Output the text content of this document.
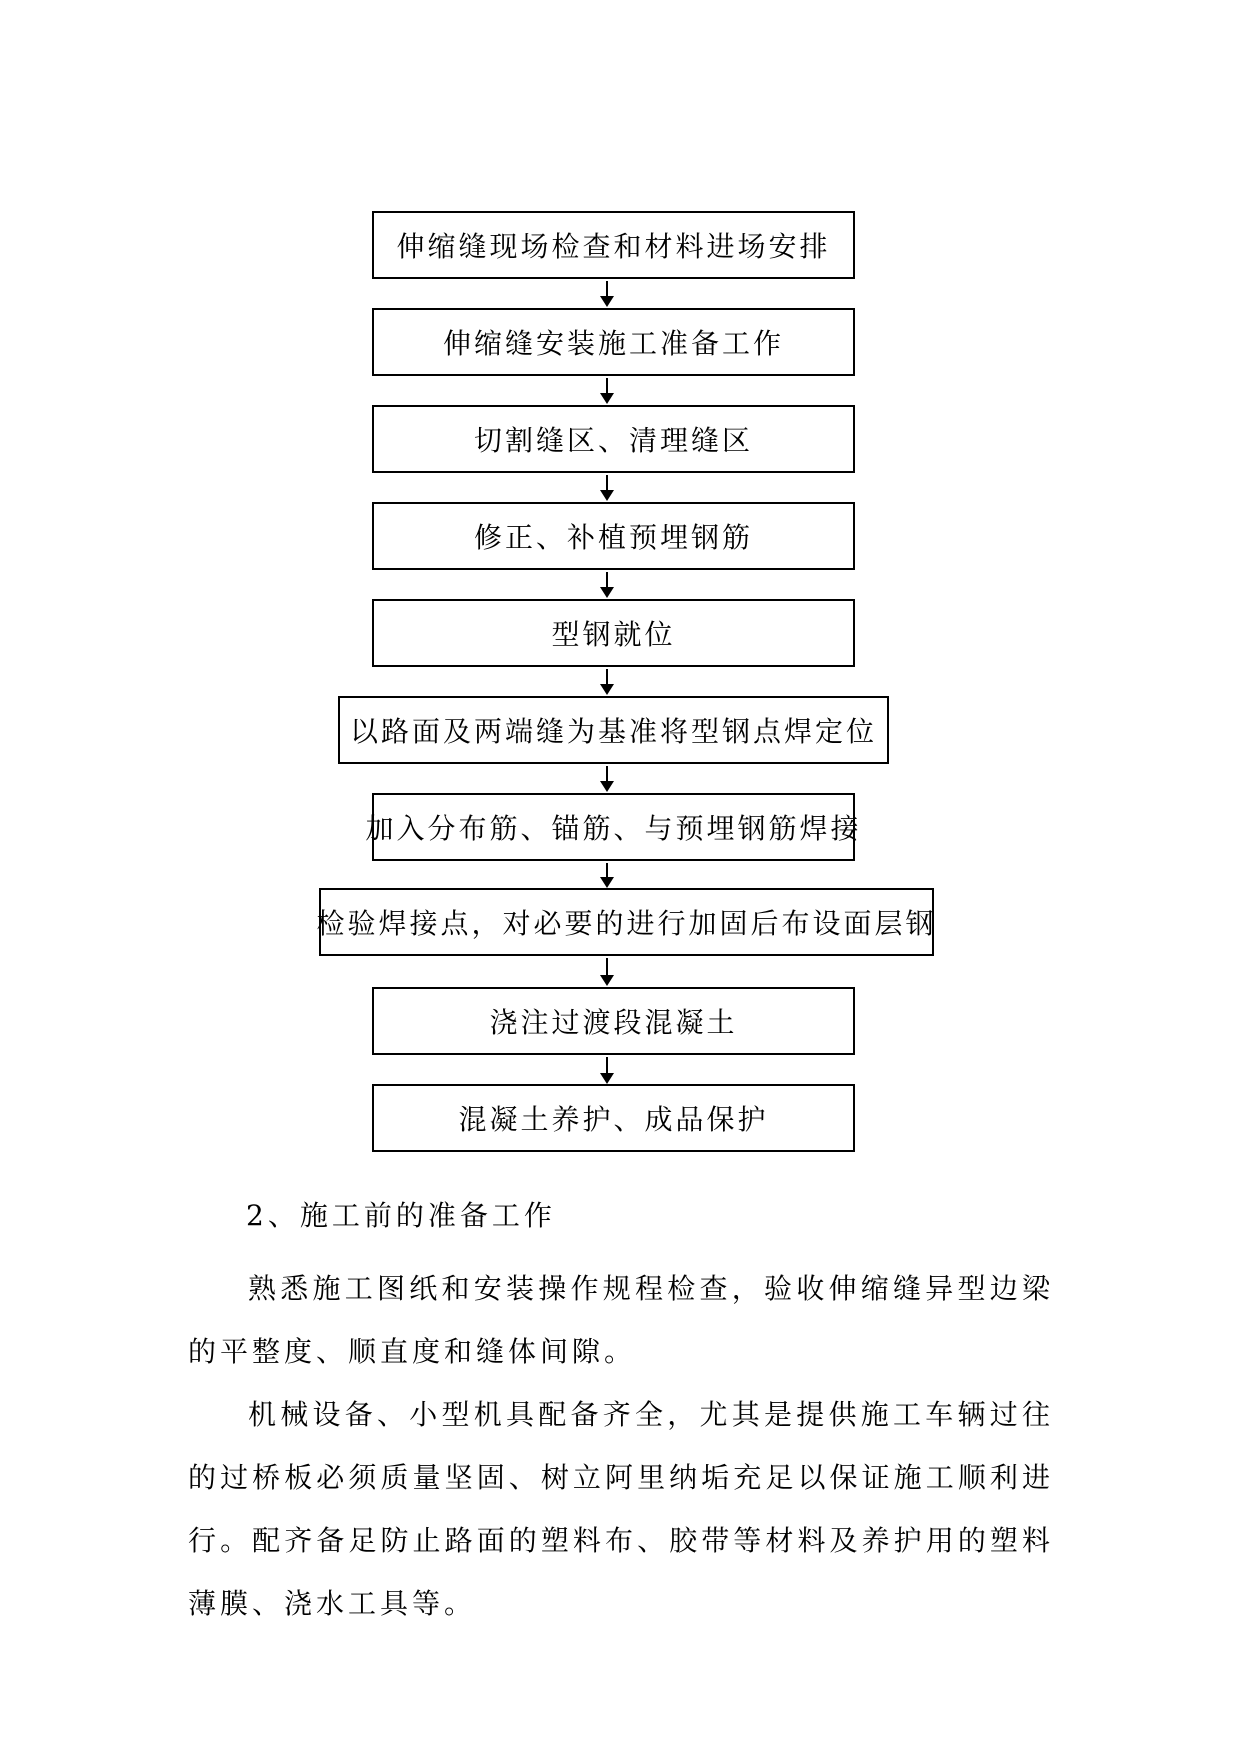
伸缩缝现场检查和材料进场安排
伸缩缝安装施工准备工作
切割缝区、清理缝区
修正、补植预埋钢筋
型钢就位
以路面及两端缝为基准将型钢点焊定位
加入分布筋、锚筋、与预埋钢筋焊接
检验焊接点，对必要的进行加固后布设面层钢
浇注过渡段混凝土
混凝土养护、成品保护

2、施工前的准备工作

熟悉施工图纸和安装操作规程检查，验收伸缩缝异型边梁的平整度、顺直度和缝体间隙。

机械设备、小型机具配备齐全，尤其是提供施工车辆过往的过桥板必须质量坚固、树立阿里纳垢充足以保证施工顺利进行。配齐备足防止路面的塑料布、胶带等材料及养护用的塑料薄膜、浇水工具等。
